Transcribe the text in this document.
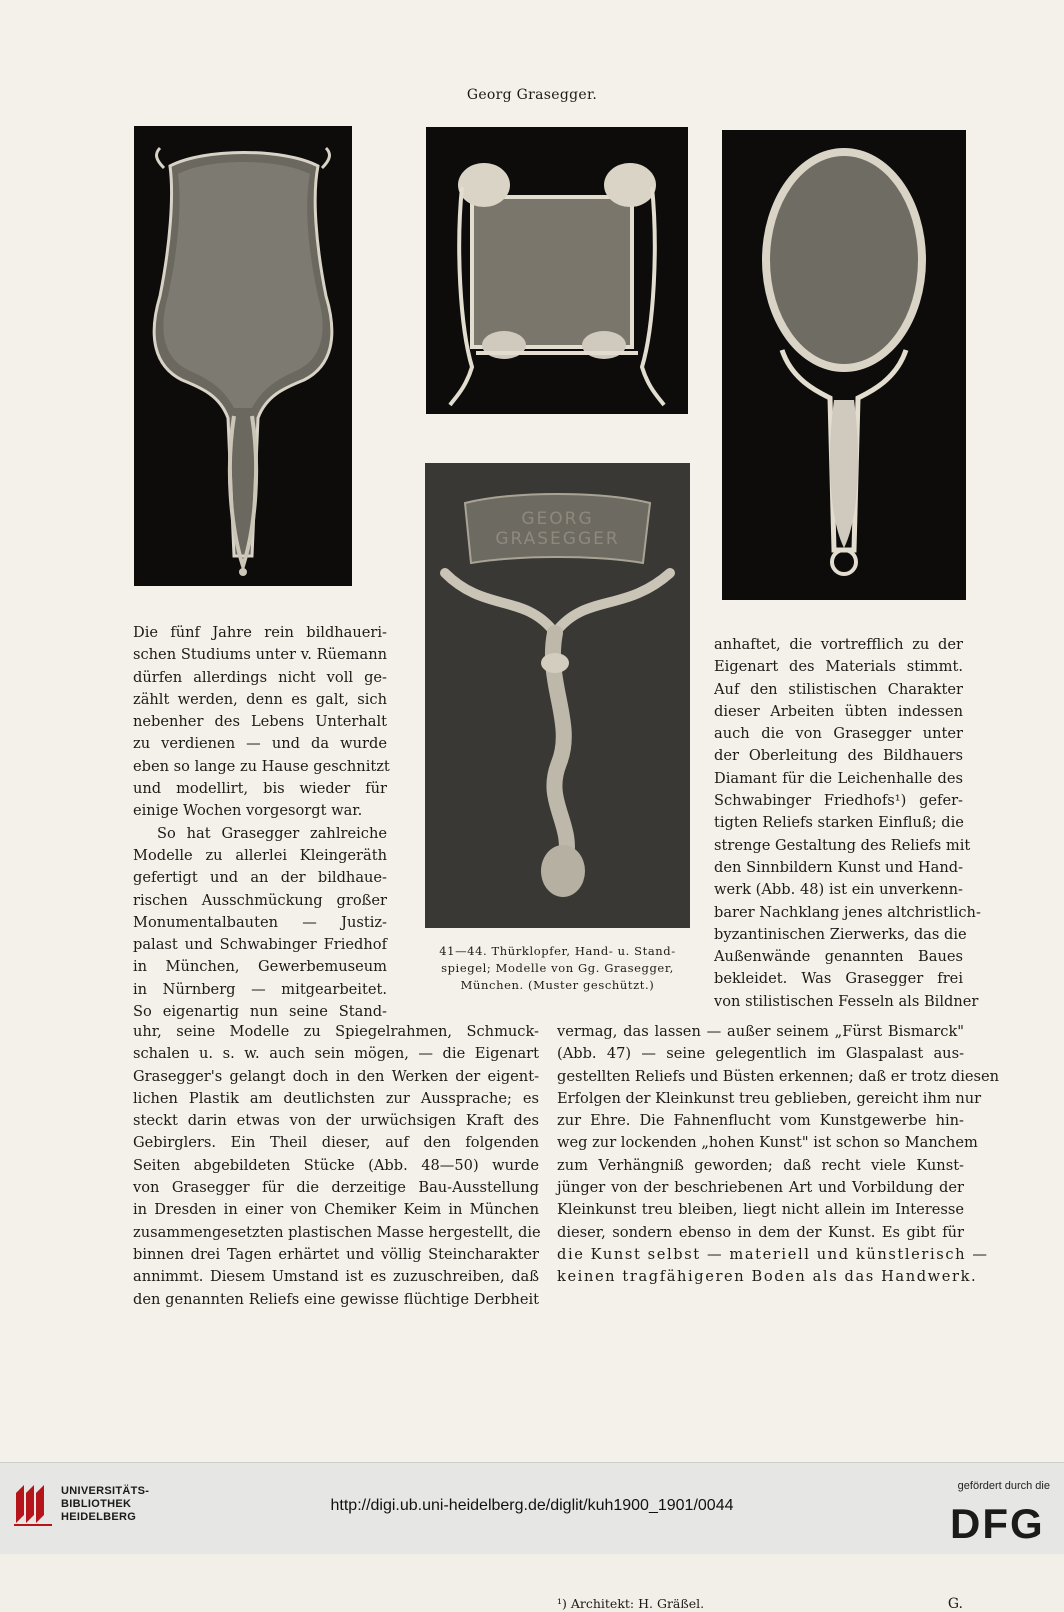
Georg Grasegger.
GEORG
GRASEGGER
41—44. Thürklopfer, Hand- u. Stand-
spiegel; Modelle von Gg. Grasegger,
München. (Muster geschützt.)
Die fünf Jahre rein bildhaueri-
schen Studiums unter v. Rüemann
dürfen allerdings nicht voll ge-
zählt werden, denn es galt, sich
nebenher des Lebens Unterhalt
zu verdienen — und da wurde
eben so lange zu Hause geschnitzt
und modellirt, bis wieder für
einige Wochen vorgesorgt war.
So hat Grasegger zahlreiche
Modelle zu allerlei Kleingeräth
gefertigt und an der bildhaue-
rischen Ausschmückung großer
Monumentalbauten — Justiz-
palast und Schwabinger Friedhof
in München, Gewerbemuseum
in Nürnberg — mitgearbeitet.
So eigenartig nun seine Stand-
anhaftet, die vortrefflich zu der
Eigenart des Materials stimmt.
Auf den stilistischen Charakter
dieser Arbeiten übten indessen
auch die von Grasegger unter
der Oberleitung des Bildhauers
Diamant für die Leichenhalle des
Schwabinger Friedhofs¹) gefer-
tigten Reliefs starken Einfluß; die
strenge Gestaltung des Reliefs mit
den Sinnbildern Kunst und Hand-
werk (Abb. 48) ist ein unverkenn-
barer Nachklang jenes altchristlich-
byzantinischen Zierwerks, das die
Außenwände genannten Baues
bekleidet. Was Grasegger frei
von stilistischen Fesseln als Bildner
uhr, seine Modelle zu Spiegelrahmen, Schmuck-
schalen u. s. w. auch sein mögen, — die Eigenart
Grasegger's gelangt doch in den Werken der eigent-
lichen Plastik am deutlichsten zur Aussprache; es
steckt darin etwas von der urwüchsigen Kraft des
Gebirglers. Ein Theil dieser, auf den folgenden
Seiten abgebildeten Stücke (Abb. 48—50) wurde
von Grasegger für die derzeitige Bau-Ausstellung
in Dresden in einer von Chemiker Keim in München
zusammengesetzten plastischen Masse hergestellt, die
binnen drei Tagen erhärtet und völlig Steincharakter
annimmt. Diesem Umstand ist es zuzuschreiben, daß
den genannten Reliefs eine gewisse flüchtige Derbheit
vermag, das lassen — außer seinem „Fürst Bismarck"
(Abb. 47) — seine gelegentlich im Glaspalast aus-
gestellten Reliefs und Büsten erkennen; daß er trotz diesen
Erfolgen der Kleinkunst treu geblieben, gereicht ihm nur
zur Ehre. Die Fahnenflucht vom Kunstgewerbe hin-
weg zur lockenden „hohen Kunst" ist schon so Manchem
zum Verhängniß geworden; daß recht viele Kunst-
jünger von der beschriebenen Art und Vorbildung der
Kleinkunst treu bleiben, liegt nicht allein im Interesse
dieser, sondern ebenso in dem der Kunst. Es gibt für
die Kunst selbst — materiell und künstlerisch —
keinen tragfähigeren Boden als das Handwerk.
¹) Architekt: H. Gräßel.	G.
UNIVERSITÄTS-
BIBLIOTHEK
HEIDELBERG
http://digi.ub.uni-heidelberg.de/diglit/kuh1900_1901/0044
gefördert durch die
DFG
